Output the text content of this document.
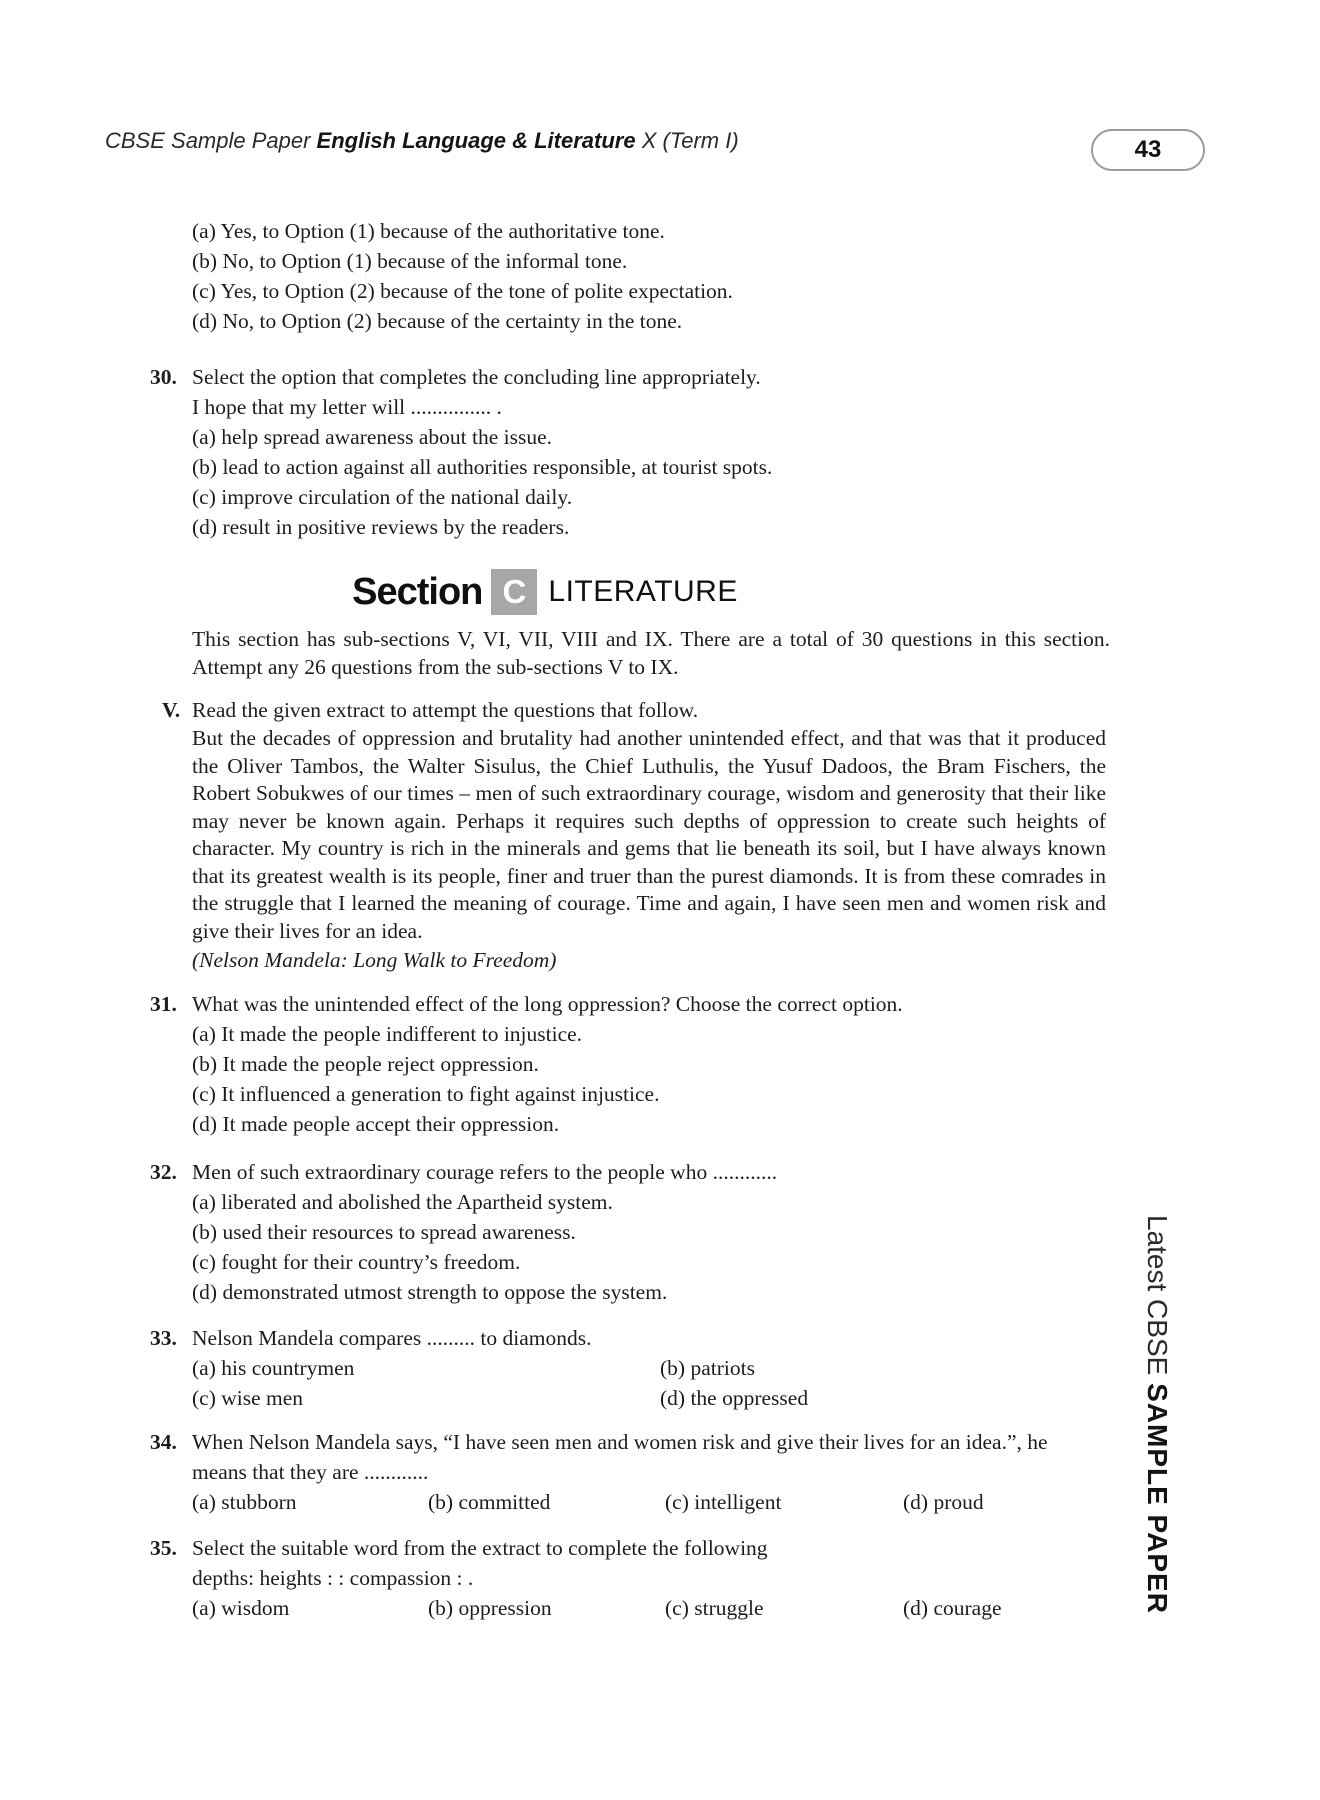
CBSE Sample Paper English Language & Literature X (Term I)	43
(a) Yes, to Option (1) because of the authoritative tone.
(b) No, to Option (1) because of the informal tone.
(c) Yes, to Option (2) because of the tone of polite expectation.
(d) No, to Option (2) because of the certainty in the tone.
30. Select the option that completes the concluding line appropriately.
I hope that my letter will ............... .
(a) help spread awareness about the issue.
(b) lead to action against all authorities responsible, at tourist spots.
(c) improve circulation of the national daily.
(d) result in positive reviews by the readers.
Section C LITERATURE
This section has sub-sections V, VI, VII, VIII and IX. There are a total of 30 questions in this section. Attempt any 26 questions from the sub-sections V to IX.
V. Read the given extract to attempt the questions that follow.
But the decades of oppression and brutality had another unintended effect, and that was that it produced the Oliver Tambos, the Walter Sisulus, the Chief Luthulis, the Yusuf Dadoos, the Bram Fischers, the Robert Sobukwes of our times – men of such extraordinary courage, wisdom and generosity that their like may never be known again. Perhaps it requires such depths of oppression to create such heights of character. My country is rich in the minerals and gems that lie beneath its soil, but I have always known that its greatest wealth is its people, finer and truer than the purest diamonds. It is from these comrades in the struggle that I learned the meaning of courage. Time and again, I have seen men and women risk and give their lives for an idea.
(Nelson Mandela: Long Walk to Freedom)
31. What was the unintended effect of the long oppression? Choose the correct option.
(a) It made the people indifferent to injustice.
(b) It made the people reject oppression.
(c) It influenced a generation to fight against injustice.
(d) It made people accept their oppression.
32. Men of such extraordinary courage refers to the people who ............
(a) liberated and abolished the Apartheid system.
(b) used their resources to spread awareness.
(c) fought for their country’s freedom.
(d) demonstrated utmost strength to oppose the system.
33. Nelson Mandela compares ......... to diamonds.
(a) his countrymen	(b) patriots
(c) wise men	(d) the oppressed
34. When Nelson Mandela says, “I have seen men and women risk and give their lives for an idea.”, he means that they are ............
(a) stubborn	(b) committed	(c) intelligent	(d) proud
35. Select the suitable word from the extract to complete the following
depths: heights : : compassion : .
(a) wisdom	(b) oppression	(c) struggle	(d) courage
Latest CBSE SAMPLE PAPER
